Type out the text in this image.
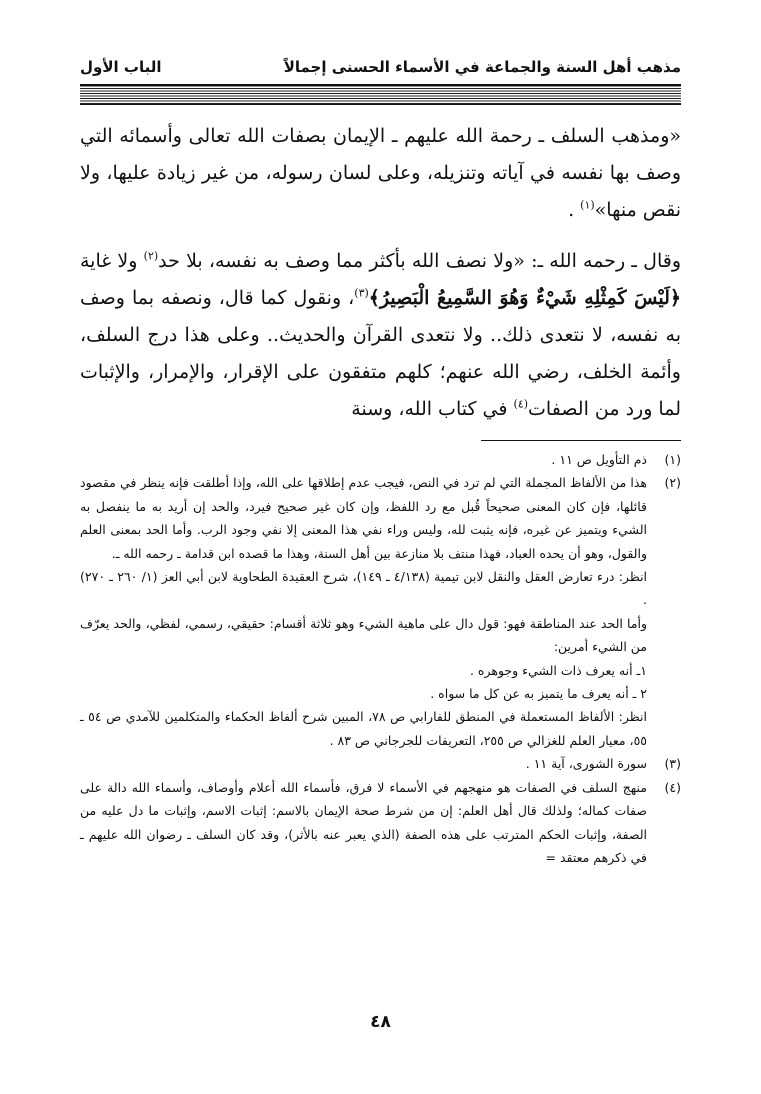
مذهب أهل السنة والجماعة في الأسماء الحسنى إجمالاً
الباب الأول

«ومذهب السلف ـ رحمة الله عليهم ـ الإيمان بصفات الله تعالى وأسمائه التي وصف بها نفسه في آياته وتنزيله، وعلى لسان رسوله، من غير زيادة عليها، ولا نقص منها»$^{(١)}$ .

وقال ـ رحمه الله ـ: «ولا نصف الله بأكثر مما وصف به نفسه، بلا حد$^{(٢)}$ ولا غاية ﴿لَيْسَ كَمِثْلِهِ شَيْءٌ وَهُوَ السَّمِيعُ الْبَصِيرُ﴾$^{(٣)}$، ونقول كما قال، ونصفه بما وصف به نفسه، لا نتعدى ذلك.. ولا نتعدى القرآن والحديث.. وعلى هذا درج السلف، وأئمة الخلف، رضي الله عنهم؛ كلهم متفقون على الإقرار، والإمرار، والإثبات لما ورد من الصفات$^{(٤)}$ في كتاب الله، وسنة

(١)
ذم التأويل ص ١١ .
(٢)
هذا من الألفاظ المجملة التي لم ترد في النص، فيجب عدم إطلاقها على الله، وإذا أطلقت فإنه ينظر في مقصود قائلها، فإن كان المعنى صحيحاً قُبل مع رد اللفظ، وإن كان غير صحيح فيرد، والحد إن أريد به ما ينفصل به الشيء ويتميز عن غيره، فإنه يثبت لله، وليس وراء نفي هذا المعنى إلا نفي وجود الرب. وأما الحد بمعنى العلم والقول، وهو أن يحده العباد، فهذا منتف بلا منازعة بين أهل السنة، وهذا ما قصده ابن قدامة ـ رحمه الله ـ.
انظر: درء تعارض العقل والنقل لابن تيمية (٤/١٣٨ ـ ١٤٩)، شرح العقيدة الطحاوية لابن أبي العز (١/ ٢٦٠ ـ ٢٧٠) .
وأما الحد عند المناطقة فهو: قول دال على ماهية الشيء وهو ثلاثة أقسام: حقيقي، رسمي، لفظي، والحد يعرّف من الشيء أمرين:
١ـ أنه يعرف ذات الشيء وجوهره .
٢ ـ أنه يعرف ما يتميز به عن كل ما سواه .
انظر: الألفاظ المستعملة في المنطق للفارابي ص ٧٨، المبين شرح ألفاظ الحكماء والمتكلمين للآمدي ص ٥٤ ـ ٥٥، معيار العلم للغزالي ص ٢٥٥، التعريفات للجرجاني ص ٨٣ .
(٣)
سورة الشورى، آية ١١ .
(٤)
منهج السلف في الصفات هو منهجهم في الأسماء لا فرق، فأسماء الله أعلام وأوصاف، وأسماء الله دالة على صفات كماله؛ ولذلك قال أهل العلم: إن من شرط صحة الإيمان بالاسم: إثبات الاسم، وإثبات ما دل عليه من الصفة، وإثبات الحكم المترتب على هذه الصفة (الذي يعبر عنه بالأثر)، وقد كان السلف ـ رضوان الله عليهم ـ في ذكرهم معتقد =
٤٨
